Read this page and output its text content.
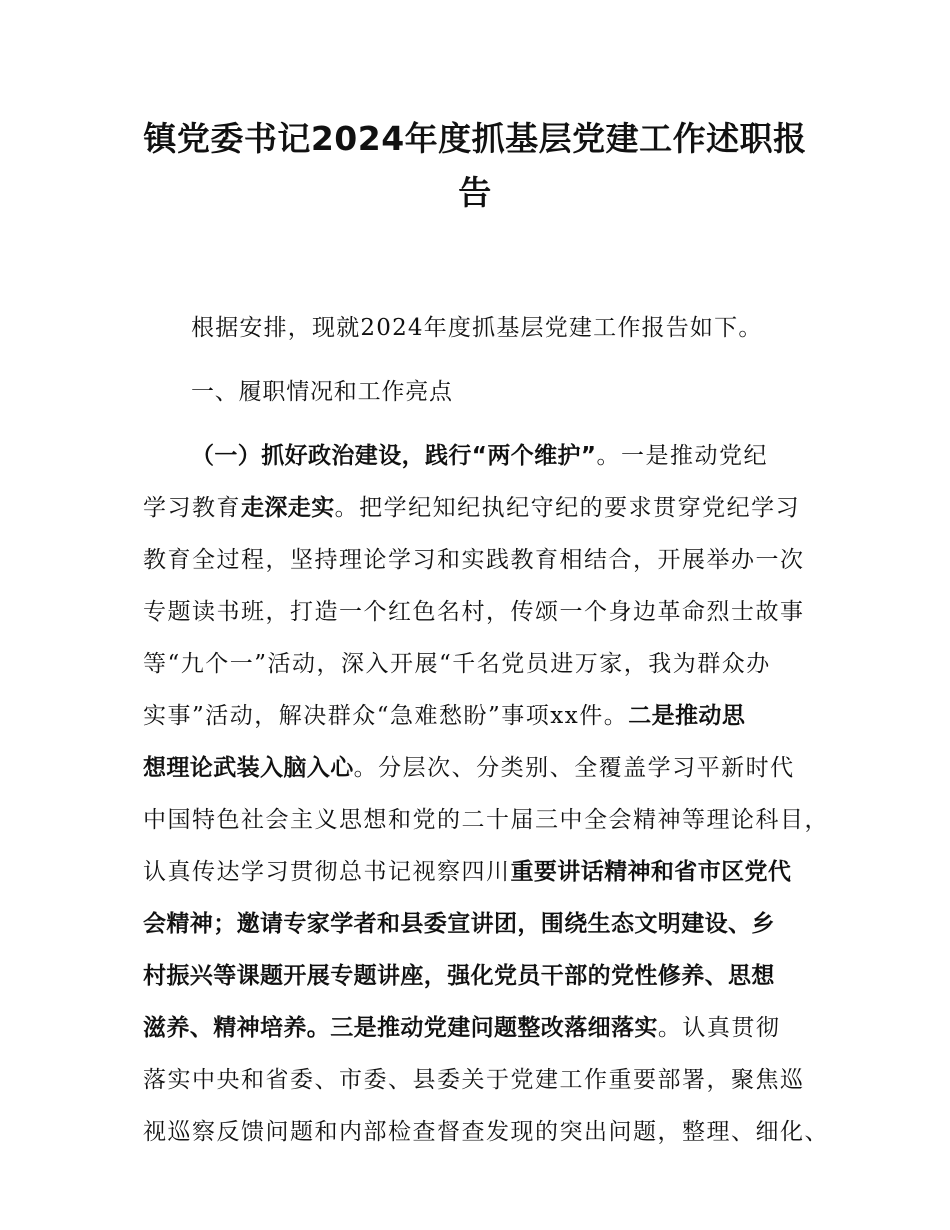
镇党委书记2024年度抓基层党建工作述职报
告
根据安排，现就2024年度抓基层党建工作报告如下。
一、履职情况和工作亮点
（一）抓好政治建设，践行“两个维护”。一是推动党纪
学习教育走深走实。把学纪知纪执纪守纪的要求贯穿党纪学习
教育全过程，坚持理论学习和实践教育相结合，开展举办一次
专题读书班，打造一个红色名村，传颂一个身边革命烈士故事
等“九个一”活动，深入开展“千名党员进万家，我为群众办
实事”活动，解决群众“急难愁盼”事项xx件。二是推动思
想理论武装入脑入心。分层次、分类别、全覆盖学习平新时代
中国特色社会主义思想和党的二十届三中全会精神等理论科目，
认真传达学习贯彻总书记视察四川重要讲话精神和省市区党代
会精神；邀请专家学者和县委宣讲团，围绕生态文明建设、乡
村振兴等课题开展专题讲座，强化党员干部的党性修养、思想
滋养、精神培养。三是推动党建问题整改落细落实。认真贯彻
落实中央和省委、市委、县委关于党建工作重要部署，聚焦巡
视巡察反馈问题和内部检查督查发现的突出问题，整理、细化、
